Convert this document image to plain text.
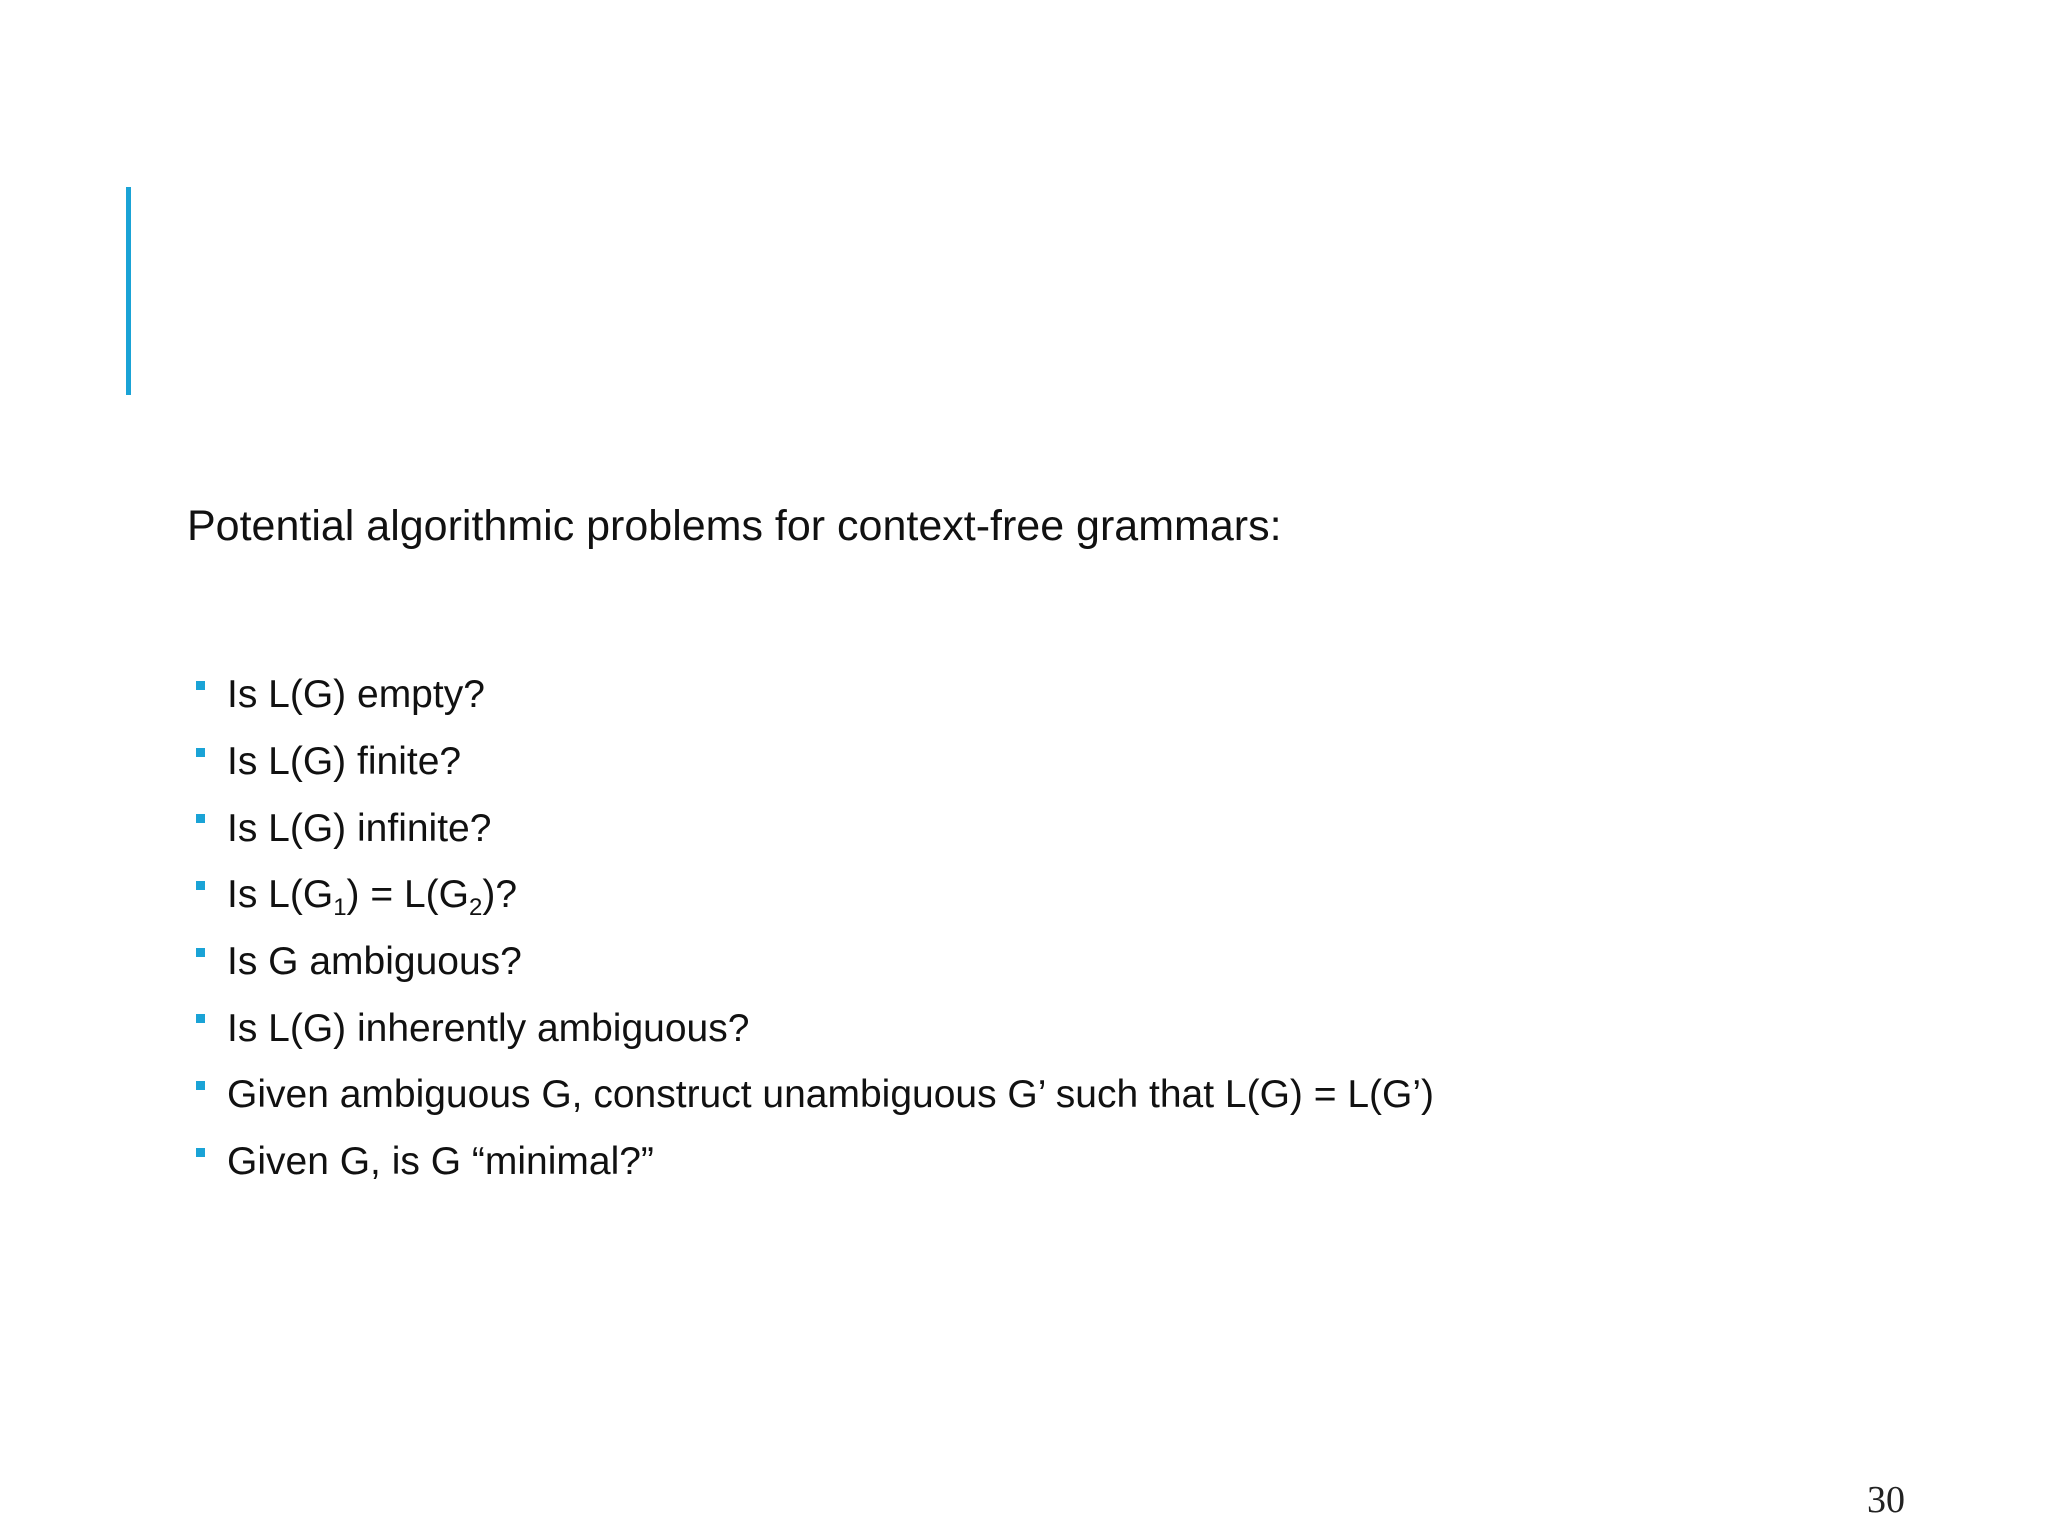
Potential algorithmic problems for context-free grammars:
Is L(G) empty?
Is L(G) finite?
Is L(G) infinite?
Is $L(G_1) = L(G_2)$?
Is G ambiguous?
Is L(G) inherently ambiguous?
Given ambiguous G, construct unambiguous G’ such that L(G) = L(G’)
Given G, is G “minimal?”
30
